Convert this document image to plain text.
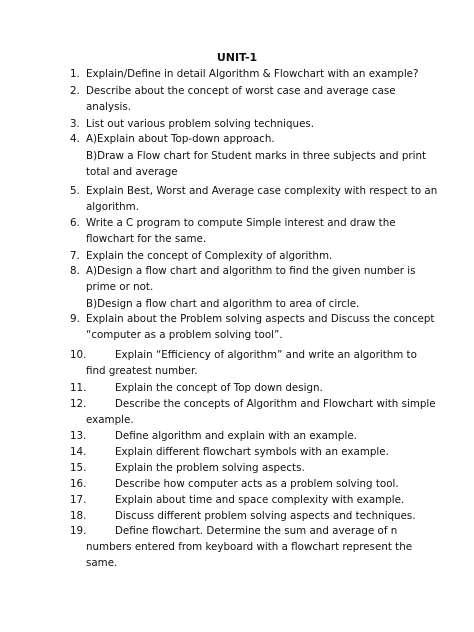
UNIT-1
1. Explain/Define in detail Algorithm & Flowchart with an example?
2. Describe about the concept of worst case and average case
analysis.
3. List out various problem solving techniques.
4. A)Explain about Top-down approach.
B)Draw a Flow chart for Student marks in three subjects and print
total and average
5. Explain Best, Worst and Average case complexity with respect to an
algorithm.
6. Write a C program to compute Simple interest and draw the
flowchart for the same.
7. Explain the concept of Complexity of algorithm.
8. A)Design a flow chart and algorithm to find the given number is
prime or not.
B)Design a flow chart and algorithm to area of circle.
9. Explain about the Problem solving aspects and Discuss the concept
“computer as a problem solving tool”.
10.	Explain “Efficiency of algorithm” and write an algorithm to
find greatest number.
11.	Explain the concept of Top down design.
12.	Describe the concepts of Algorithm and Flowchart with simple
example.
13.	Define algorithm and explain with an example.
14.	Explain different flowchart symbols with an example.
15.	Explain the problem solving aspects.
16.	Describe how computer acts as a problem solving tool.
17.	Explain about time and space complexity with example.
18.	Discuss different problem solving aspects and techniques.
19.	Define flowchart. Determine the sum and average of n
numbers entered from keyboard with a flowchart represent the
same.
